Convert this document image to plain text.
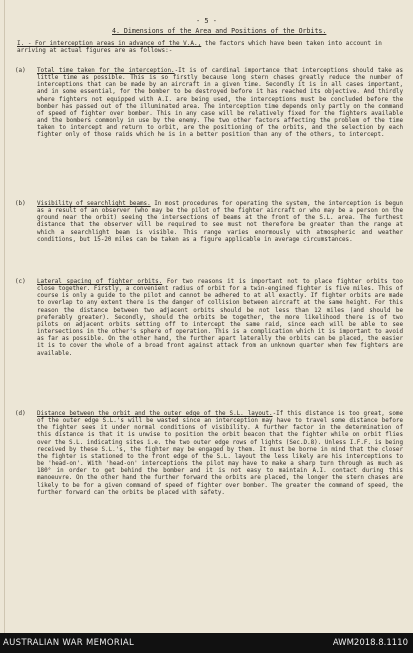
- 5 -
4. Dimensions of the Area and Positions of the Orbits.
I. - For interception areas in advance of the V.A., the factors which have been taken into account in arriving at actual figures are as follows:-
(a) Total time taken for the interception.-It is of cardinal importance that interceptions should take as little time as possible. This is so firstly because long stern chases greatly reduce the number of interceptions that can be made by an aircraft in a given time. Secondly it is in all cases important, and in some essential, for the bomber to be destroyed before it has reached its objective. And thirdly where fighters not equipped with A.I. are being used, the interceptions must be concluded before the bomber has passed out of the illuminated area. The interception time depends only partly on the command of speed of fighter over bomber. This in any case will be relatively fixed for the fighters available and the bombers commonly in use by the enemy. The two other factors affecting the problem of the time taken to intercept and return to orbit, are the positioning of the orbits, and the selection by each fighter only of those raids which he is in a better position than any of the others, to intercept.
(b) Visibility of searchlight beams. In most procedures for operating the system, the interception is begun as a result of an observer (who may be the pilot of the fighter aircraft or who may be a person on the ground near the orbit) seeing the intersections of beams at the front of the S.L. area. The furthest distance that the observer will be required to see must not therefore be greater than the range at which a searchlight beam is visible. This range varies enormously with atmospheric and weather conditions, but 15-20 miles can be taken as a figure applicable in average circumstances.
(c) Lateral spacing of fighter orbits. For two reasons it is important not to place fighter orbits too close together. Firstly, a convenient radius of orbit for a twin-engined fighter is five miles. This of course is only a guide to the pilot and cannot be adhered to at all exactly. If fighter orbits are made to overlap to any extent there is the danger of collision between aircraft at the same height. For this reason the distance between two adjacent orbits should be not less than 12 miles (and should be preferably greater). Secondly, should the orbits be together, the more likelihood there is of two pilots on adjacent orbits setting off to intercept the same raid, since each will be able to see intersections in the other's sphere of operation. This is a complication which it is important to avoid as far as possible. On the other hand, the further apart laterally the orbits can be placed, the easier it is to cover the whole of a broad front against attack from an unknown quarter when few fighters are available.
(d) Distance between the orbit and the outer edge of the S.L. layout.-If this distance is too great, some of the outer edge S.L.'s will be wasted since an interception may have to travel some distance before the fighter sees it under normal conditions of visibility. A further factor in the determination of this distance is that it is unwise to position the orbit beacon that the fighter while on orbit flies over the S.L. indicating sites i.e. the two outer edge rows of lights (Sec.D.8). Unless I.F.F. is being received by these S.L.'s, the fighter may be engaged by them. It must be borne in mind that the closer the fighter is stationed to the front edge of the S.L. layout the less likely are his interceptions to be 'head-on'. With 'head-on' interceptions the pilot may have to make a sharp turn through as much as 180° in order to get behind the bomber and it is not easy to maintain A.I. contact during this manoeuvre. On the other hand the further forward the orbits are placed, the longer the stern chases are likely to be for a given command of speed of fighter over bomber. The greater the command of speed, the further forward can the orbits be placed with safety.
AUSTRALIAN WAR MEMORIAL	AWM2018.8.1110
